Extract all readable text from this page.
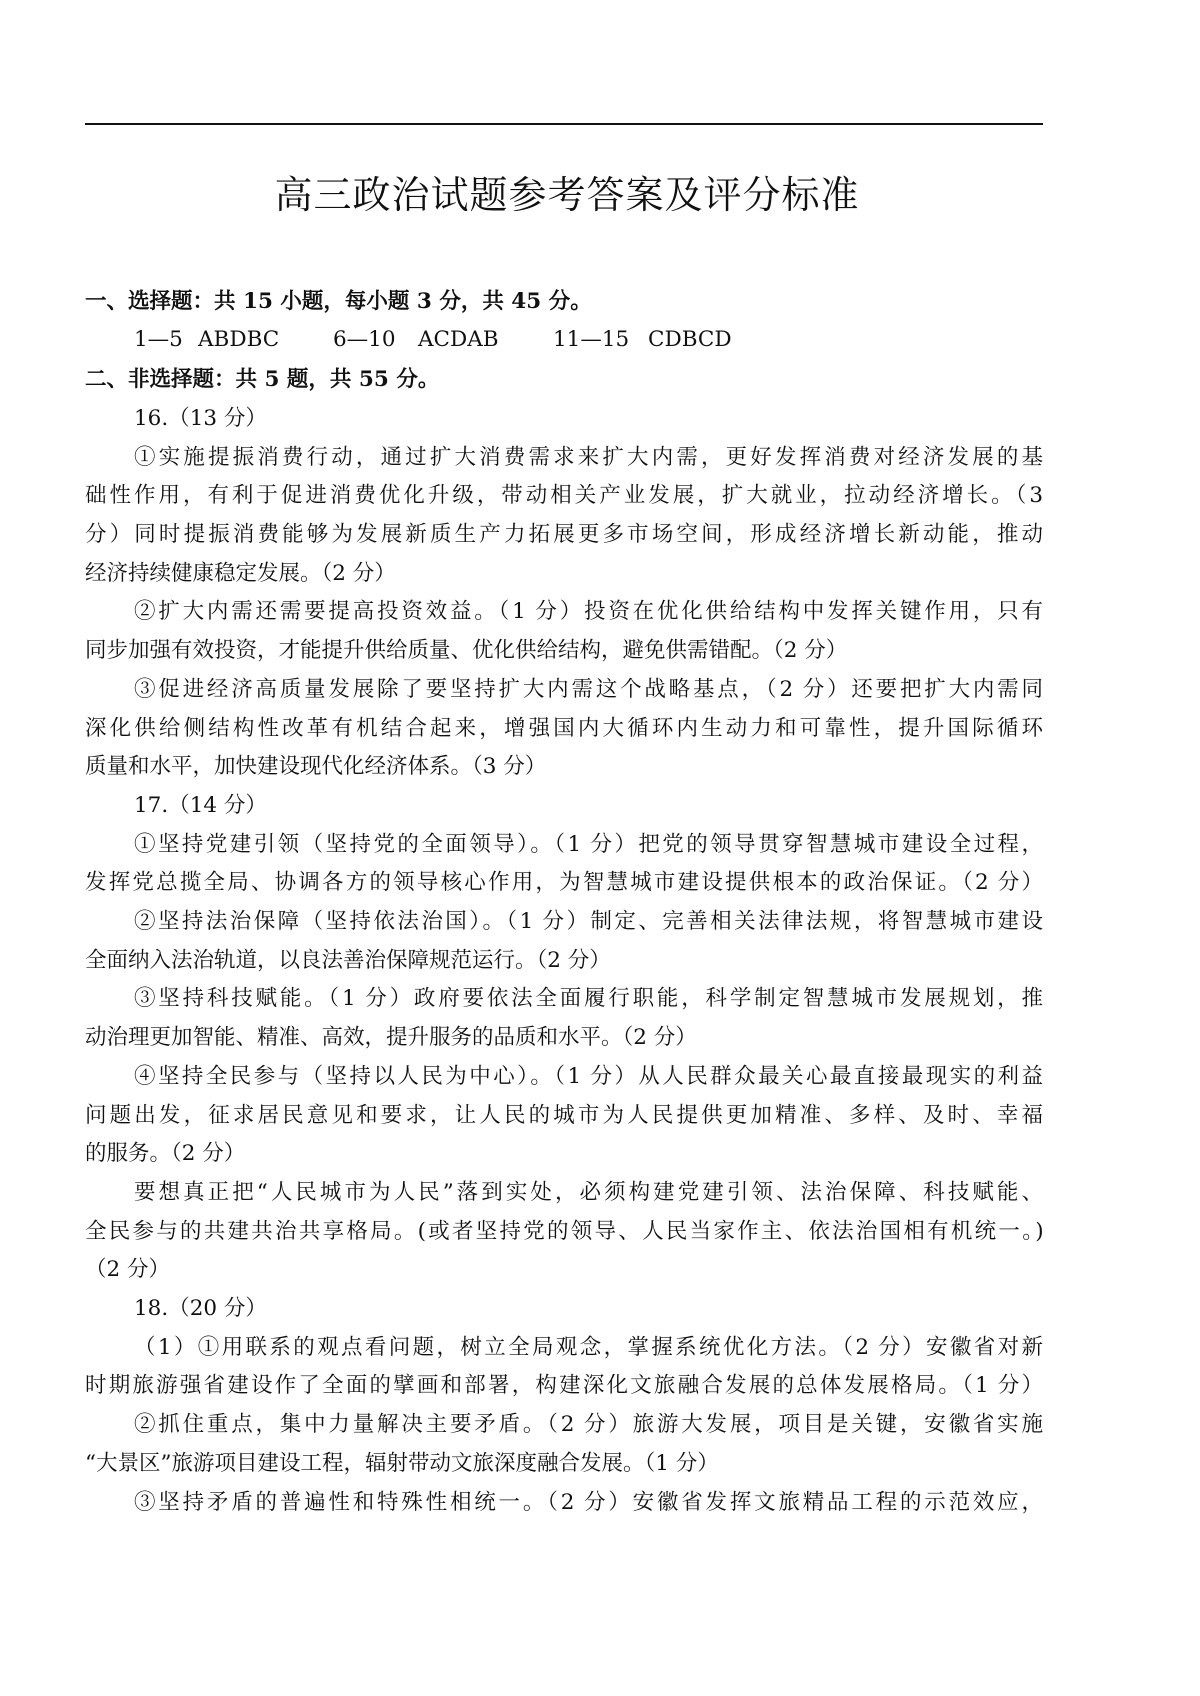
高三政治试题参考答案及评分标准

一、选择题：共 15 小题，每小题 3 分，共 45 分。

1—5 ABDBC	6—10 ACDAB	11—15 CDBCD

二、非选择题：共 5 题，共 55 分。

16.（13 分）

①实施提振消费行动，通过扩大消费需求来扩大内需，更好发挥消费对经济发展的基

础性作用，有利于促进消费优化升级，带动相关产业发展，扩大就业，拉动经济增长。（3

分）同时提振消费能够为发展新质生产力拓展更多市场空间，形成经济增长新动能，推动

经济持续健康稳定发展。（2 分）

②扩大内需还需要提高投资效益。（1 分）投资在优化供给结构中发挥关键作用，只有

同步加强有效投资，才能提升供给质量、优化供给结构，避免供需错配。（2 分）

③促进经济高质量发展除了要坚持扩大内需这个战略基点，（2 分）还要把扩大内需同

深化供给侧结构性改革有机结合起来，增强国内大循环内生动力和可靠性，提升国际循环

质量和水平，加快建设现代化经济体系。（3 分）

17.（14 分）

①坚持党建引领（坚持党的全面领导）。（1 分）把党的领导贯穿智慧城市建设全过程，

发挥党总揽全局、协调各方的领导核心作用，为智慧城市建设提供根本的政治保证。（2 分）

②坚持法治保障（坚持依法治国）。（1 分）制定、完善相关法律法规，将智慧城市建设

全面纳入法治轨道，以良法善治保障规范运行。（2 分）

③坚持科技赋能。（1 分）政府要依法全面履行职能，科学制定智慧城市发展规划，推

动治理更加智能、精准、高效，提升服务的品质和水平。（2 分）

④坚持全民参与（坚持以人民为中心）。（1 分）从人民群众最关心最直接最现实的利益

问题出发，征求居民意见和要求，让人民的城市为人民提供更加精准、多样、及时、幸福

的服务。（2 分）

要想真正把“人民城市为人民”落到实处，必须构建党建引领、法治保障、科技赋能、

全民参与的共建共治共享格局。(或者坚持党的领导、人民当家作主、依法治国相有机统一。)

（2 分）

18.（20 分）

（1）①用联系的观点看问题，树立全局观念，掌握系统优化方法。（2 分）安徽省对新

时期旅游强省建设作了全面的擘画和部署，构建深化文旅融合发展的总体发展格局。（1 分）

②抓住重点，集中力量解决主要矛盾。（2 分）旅游大发展，项目是关键，安徽省实施

“大景区”旅游项目建设工程，辐射带动文旅深度融合发展。（1 分）

③坚持矛盾的普遍性和特殊性相统一。（2 分）安徽省发挥文旅精品工程的示范效应，
